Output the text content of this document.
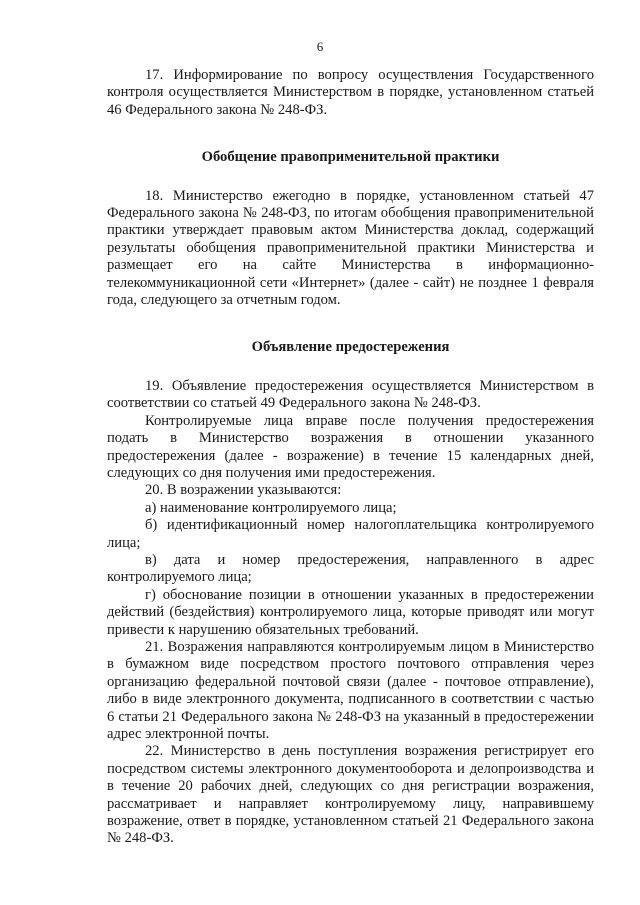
6

17. Информирование по вопросу осуществления Государственного контроля осуществляется Министерством в порядке, установленном статьей 46 Федерального закона № 248-ФЗ.

Обобщение правоприменительной практики

18. Министерство ежегодно в порядке, установленном статьей 47 Федерального закона № 248-ФЗ, по итогам обобщения правоприменительной практики утверждает правовым актом Министерства доклад, содержащий результаты обобщения правоприменительной практики Министерства и размещает его на сайте Министерства в информационно-телекоммуникационной сети «Интернет» (далее - сайт) не позднее 1 февраля года, следующего за отчетным годом.

Объявление предостережения

19. Объявление предостережения осуществляется Министерством в соответствии со статьей 49 Федерального закона № 248-ФЗ.

Контролируемые лица вправе после получения предостережения подать в Министерство возражения в отношении указанного предостережения (далее - возражение) в течение 15 календарных дней, следующих со дня получения ими предостережения.

20. В возражении указываются:

а) наименование контролируемого лица;

б) идентификационный номер налогоплательщика контролируемого лица;

в) дата и номер предостережения, направленного в адрес контролируемого лица;

г) обоснование позиции в отношении указанных в предостережении действий (бездействия) контролируемого лица, которые приводят или могут привести к нарушению обязательных требований.

21. Возражения направляются контролируемым лицом в Министерство в бумажном виде посредством простого почтового отправления через организацию федеральной почтовой связи (далее - почтовое отправление), либо в виде электронного документа, подписанного в соответствии с частью 6 статьи 21 Федерального закона № 248-ФЗ на указанный в предостережении адрес электронной почты.

22. Министерство в день поступления возражения регистрирует его посредством системы электронного документооборота и делопроизводства и в течение 20 рабочих дней, следующих со дня регистрации возражения, рассматривает и направляет контролируемому лицу, направившему возражение, ответ в порядке, установленном статьей 21 Федерального закона № 248-ФЗ.
